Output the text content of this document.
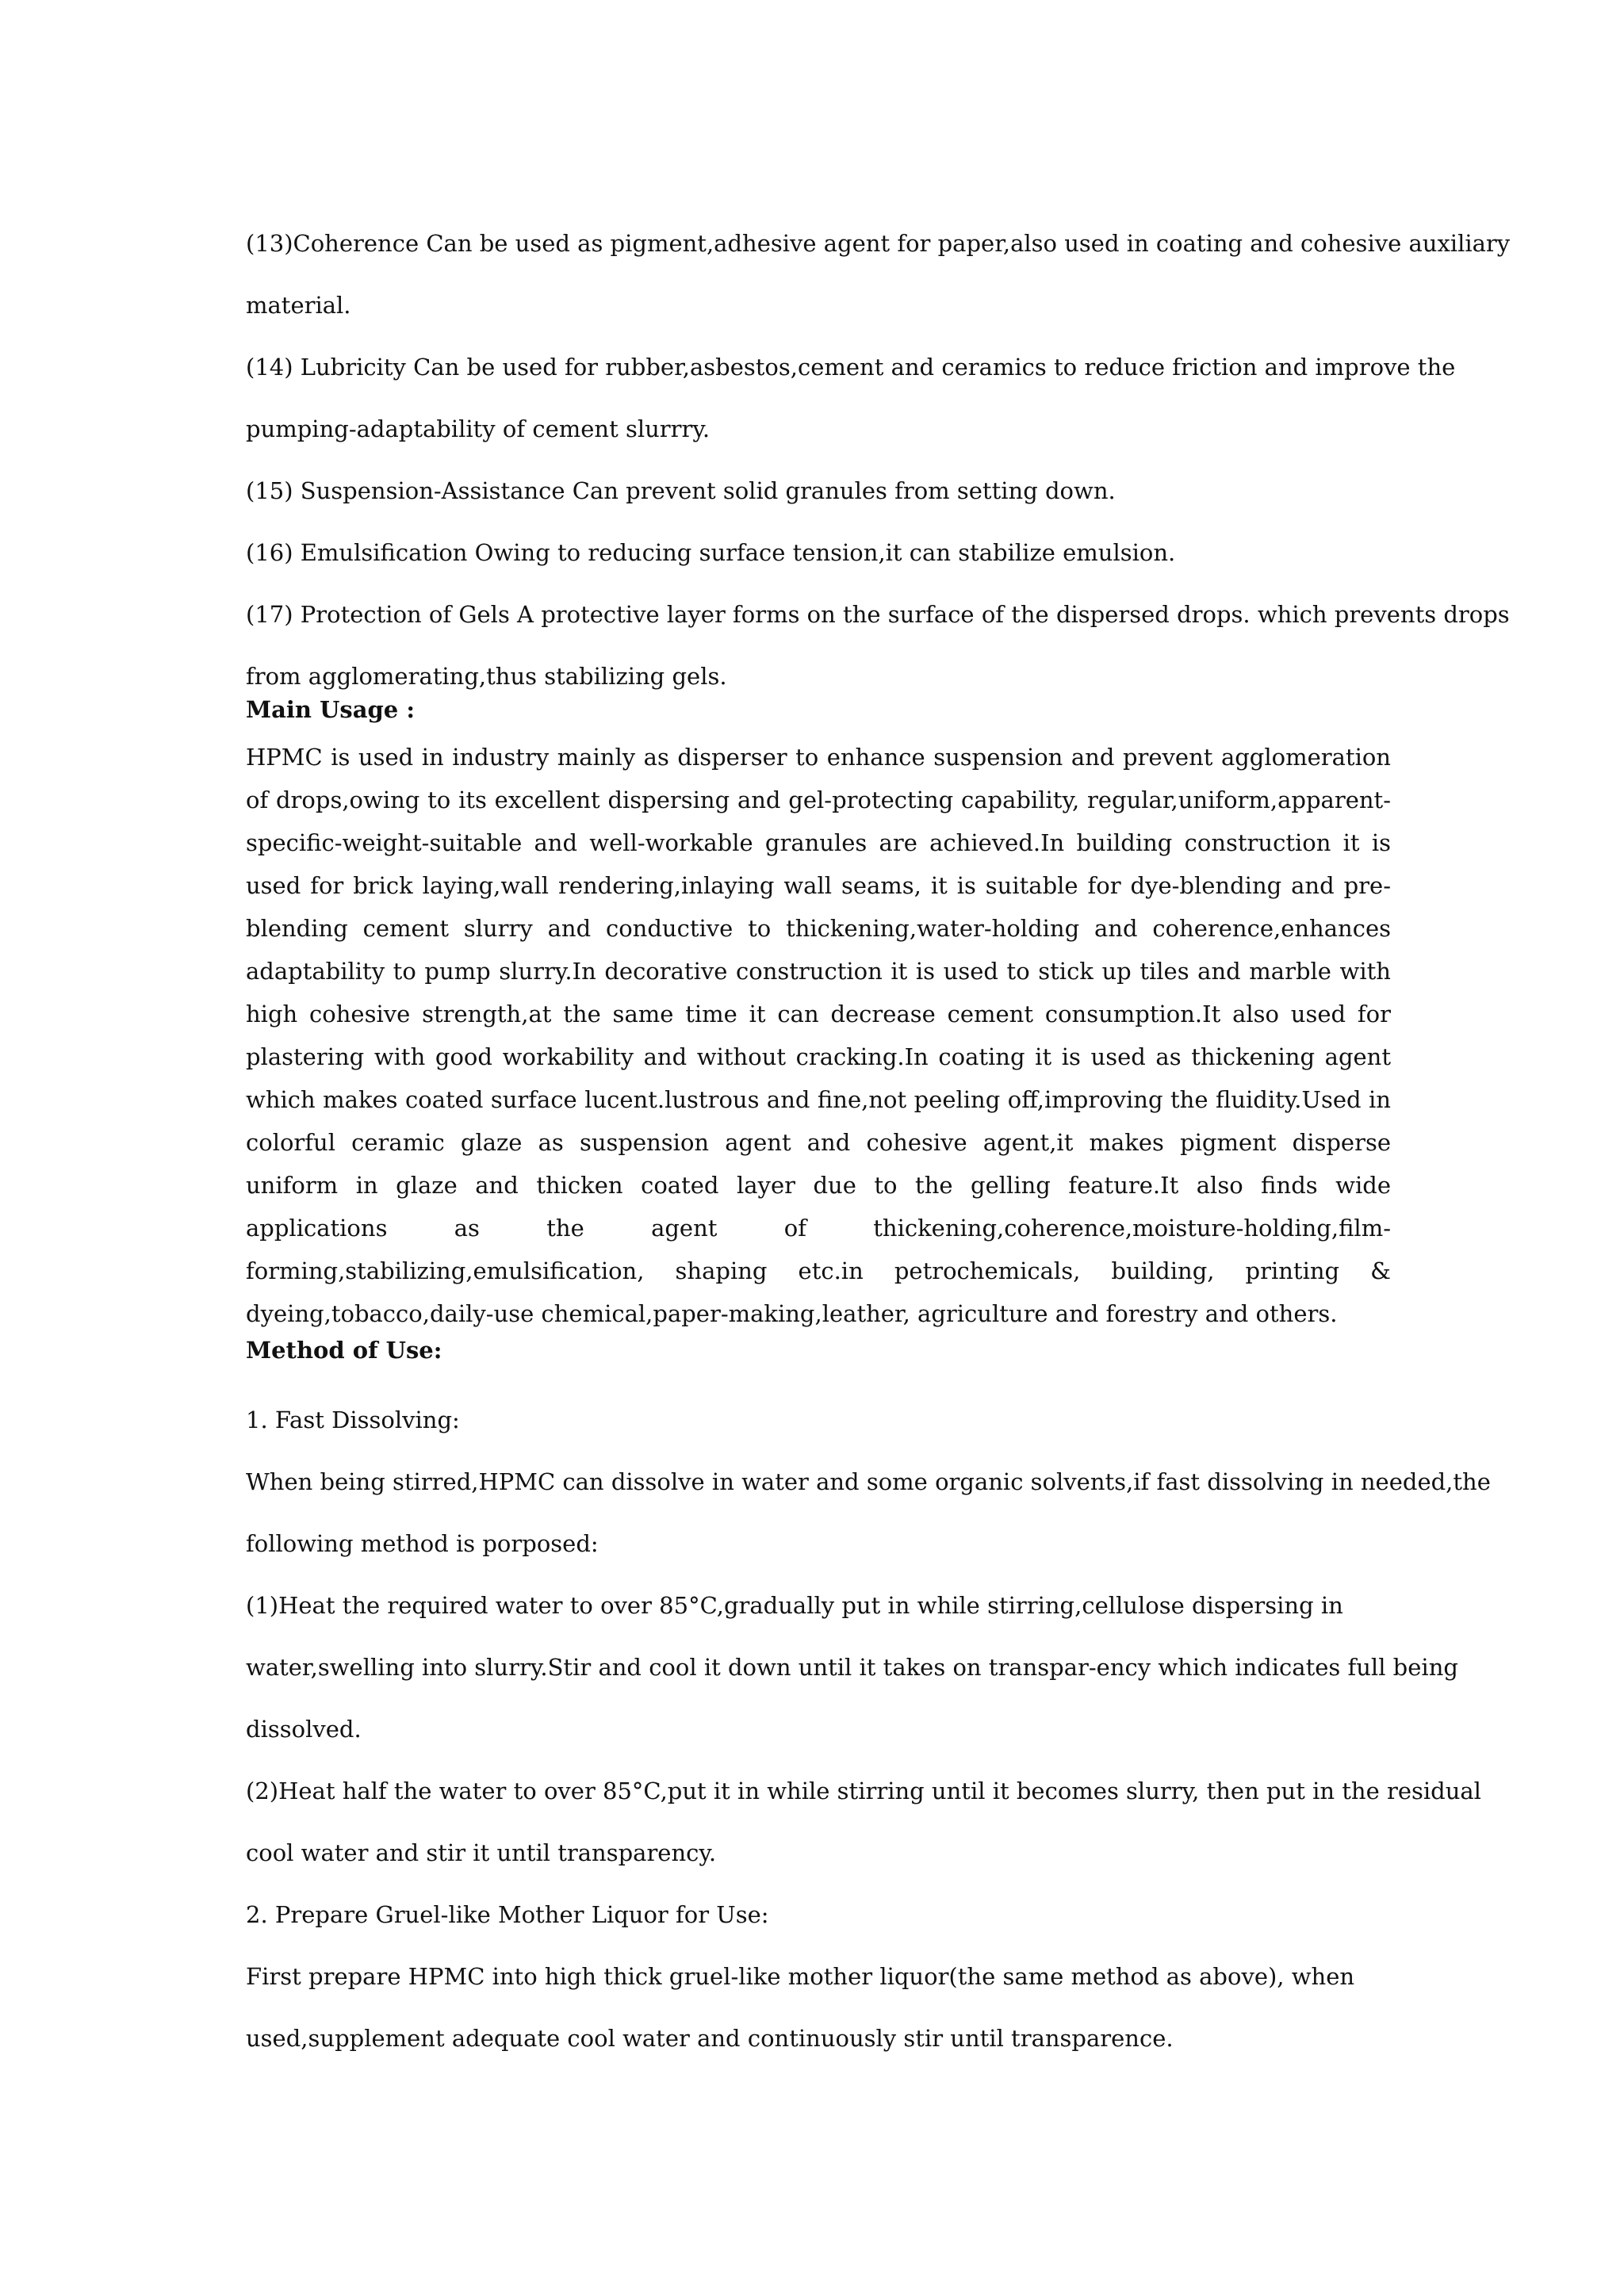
(13)Coherence Can be used as pigment,adhesive agent for paper,also used in coating and cohesive auxiliary

material.

(14) Lubricity Can be used for rubber,asbestos,cement and ceramics to reduce friction and improve the

pumping-adaptability of cement slurrry.

(15) Suspension-Assistance Can prevent solid granules from setting down.

(16) Emulsification Owing to reducing surface tension,it can stabilize emulsion.

(17) Protection of Gels A protective layer forms on the surface of the dispersed drops. which prevents drops

from agglomerating,thus stabilizing gels.

Main Usage :
HPMC is used in industry mainly as disperser to enhance suspension and prevent agglomeration of drops,owing to its excellent dispersing and gel-protecting capability, regular,uniform,apparent-specific-weight-suitable and well-workable granules are achieved.In building construction it is used for brick laying,wall rendering,inlaying wall seams, it is suitable for dye-blending and pre-blending cement slurry and conductive to thickening,water-holding and coherence,enhances adaptability to pump slurry.In decorative construction it is used to stick up tiles and marble with high cohesive strength,at the same time it can decrease cement consumption.It also used for plastering with good workability and without cracking.In coating it is used as thickening agent which makes coated surface lucent.lustrous and fine,not peeling off,improving the fluidity.Used in colorful ceramic glaze as suspension agent and cohesive agent,it makes pigment disperse uniform in glaze and thicken coated layer due to the gelling feature.It also finds wide applications as the agent of thickening,coherence,moisture-holding,film-forming,stabilizing,emulsification, shaping etc.in petrochemicals, building, printing & dyeing,tobacco,daily-use chemical,paper-making,leather, agriculture and forestry and others.
Method of Use:

1. Fast Dissolving:

When being stirred,HPMC can dissolve in water and some organic solvents,if fast dissolving in needed,the

following method is porposed:

(1)Heat the required water to over 85°C,gradually put in while stirring,cellulose dispersing in

water,swelling into slurry.Stir and cool it down until it takes on transpar-ency which indicates full being

dissolved.

(2)Heat half the water to over 85°C,put it in while stirring until it becomes slurry, then put in the residual

cool water and stir it until transparency.

2. Prepare Gruel-like Mother Liquor for Use:

First prepare HPMC into high thick gruel-like mother liquor(the same method as above), when

used,supplement adequate cool water and continuously stir until transparence.
